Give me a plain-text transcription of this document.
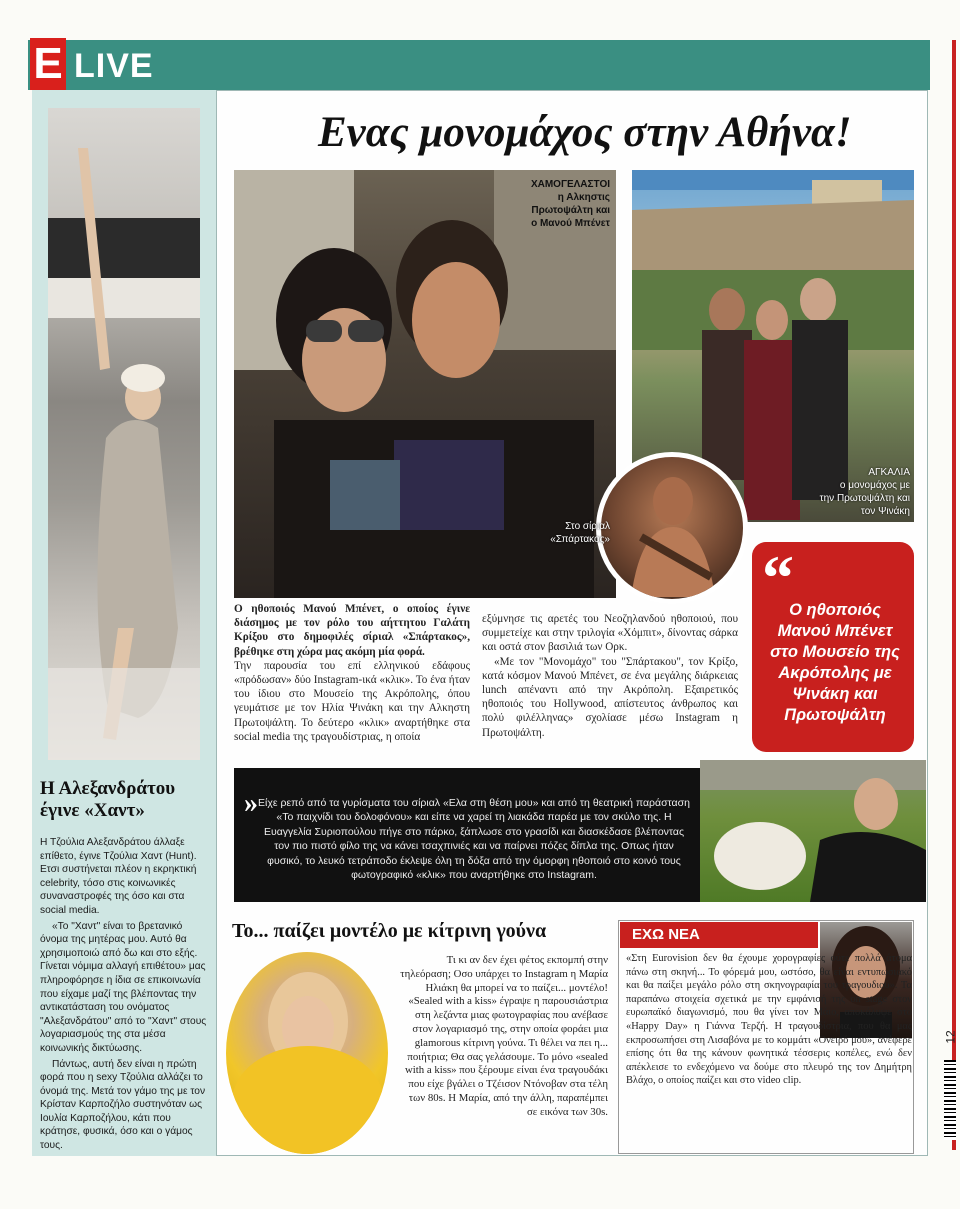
E LIVE
Ενας μονομάχος στην Αθήνα!
ΧΑΜΟΓΕΛΑΣΤΟΙ
η Αλκηστις
Πρωτοψάλτη και
ο Μανού Μπένετ
ΑΓΚΑΛΙΑ
ο μονομάχος με
την Πρωτοψάλτη και
τον Ψινάκη
Στο σίριαλ
«Σπάρτακος»
Ο ηθοποιός Μανού Μπένετ, ο οποίος έγινε διάσημος με τον ρόλο του αήττητου Γαλάτη Κρίξου στο δημοφιλές σίριαλ «Σπάρτακος», βρέθηκε στη χώρα μας ακόμη μία φορά.
Την παρουσία του επί ελληνικού εδάφους «πρόδωσαν» δύο Instagram-ικά «κλικ». Το ένα ήταν του ίδιου στο Μουσείο της Ακρόπολης, όπου γευμάτισε με τον Ηλία Ψινάκη και την Αλκηστη Πρωτοψάλτη. Το δεύτερο «κλικ» αναρτήθηκε στα social media της τραγουδίστριας, η οποία
εξύμνησε τις αρετές του Νεοζηλανδού ηθοποιού, που συμμετείχε και στην τριλογία «Χόμπιτ», δίνοντας σάρκα και οστά στον βασιλιά των Ορκ.
«Με τον "Μονομάχο" του "Σπάρτακου", τον Κρίξο, κατά κόσμον Μανού Μπένετ, σε ένα μεγάλης διάρκειας lunch απέναντι από την Ακρόπολη. Εξαιρετικός ηθοποιός του Hollywood, απίστευτος άνθρωπος και πολύ φιλέλληνας» σχολίασε μέσω Instagram η Πρωτοψάλτη.
“
Ο ηθοποιός Μανού Μπένετ στο Μουσείο της Ακρόπολης με Ψινάκη και Πρωτοψάλτη
» Είχε ρεπό από τα γυρίσματα του σίριαλ «Ελα στη θέση μου» και από τη θεατρική παράσταση «Το παιχνίδι του δολοφόνου» και είπε να χαρεί τη λιακάδα παρέα με τον σκύλο της. Η Ευαγγελία Συριοπούλου πήγε στο πάρκο, ξάπλωσε στο γρασίδι και διασκέδασε βλέποντας τον πιο πιστό φίλο της να κάνει τσαχπινιές και να παίρνει πόζες δίπλα της. Οπως ήταν φυσικό, το λευκό τετράποδο έκλεψε όλη τη δόξα από την όμορφη ηθοποιό στο κοινό τους φωτογραφικό «κλικ» που αναρτήθηκε στο Instagram.
Η Αλεξανδράτου έγινε «Χαντ»
Η Τζούλια Αλεξανδράτου άλλαξε επίθετο, έγινε Τζούλια Χαντ (Hunt). Ετσι συστήνεται πλέον η εκρηκτική celebrity, τόσο στις κοινωνικές συναναστροφές της όσο και στα social media.
«Το "Χαντ" είναι το βρετανικό όνομα της μητέρας μου. Αυτό θα χρησιμοποιώ από δω και στο εξής. Γίνεται νόμιμα αλλαγή επιθέτου» μας πληροφόρησε η ίδια σε επικοινωνία που είχαμε μαζί της βλέποντας την αντικατάσταση του ονόματος "Αλεξανδράτου" από το "Χαντ" στους λογαριασμούς της στα μέσα κοινωνικής δικτύωσης.
Πάντως, αυτή δεν είναι η πρώτη φορά που η sexy Τζούλια αλλάζει το όνομά της. Μετά τον γάμο της με τον Κρίσταν Καρποζήλο συστηνόταν ως Ιουλία Καρποζήλου, κάτι που κράτησε, φυσικά, όσο και ο γάμος τους.
Το... παίζει μοντέλο με κίτρινη γούνα
Τι κι αν δεν έχει φέτος εκπομπή στην τηλεόραση; Οσο υπάρχει το Instagram η Μαρία Ηλιάκη θα μπορεί να το παίζει... μοντέλο! «Sealed with a kiss» έγραψε η παρουσιάστρια στη λεζάντα μιας φωτογραφίας που ανέβασε στον λογαριασμό της, στην οποία φοράει μια glamorous κίτρινη γούνα. Τι θέλει να πει η... ποιήτρια; Θα σας γελάσουμε. Το μόνο «sealed with a kiss» που ξέρουμε είναι ένα τραγουδάκι που είχε βγάλει ο Τζέισον Ντόνοβαν στα τέλη των 80s. Η Μαρία, από την άλλη, παραπέμπει σε εικόνα των 30s.
ΕΧΩ ΝΕΑ
«Στη Eurovision δεν θα έχουμε χορογραφίες ούτε πολλά άτομα πάνω στη σκηνή... Το φόρεμά μου, ωστόσο, θα είναι εντυπωσιακό και θα παίξει μεγάλο ρόλο στη σκηνογραφία του τραγουδιού». Τα παραπάνω στοιχεία σχετικά με την εμφάνισή της on stage στον ευρωπαϊκό διαγωνισμό, που θα γίνει τον Μάιο, αποκάλυψε στο «Happy Day» η Γιάννα Τερζή. Η τραγουδίστρια, που θα μας εκπροσωπήσει στη Λισαβόνα με το κομμάτι «Ονειρό μου», ανέφερε επίσης ότι θα της κάνουν φωνητικά τέσσερις κοπέλες, ενώ δεν απέκλεισε το ενδεχόμενο να δούμε στο πλευρό της τον Δημήτρη Βλάχο, ο οποίος παίζει και στο video clip.
12
